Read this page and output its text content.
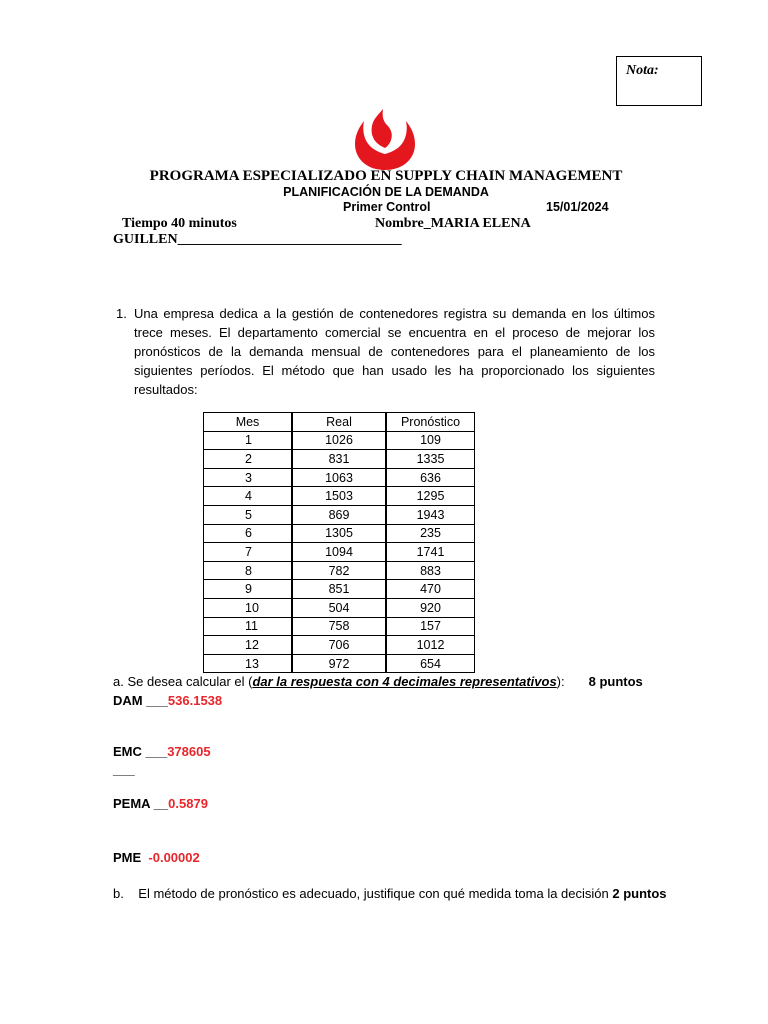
Nota:
PROGRAMA ESPECIALIZADO EN SUPPLY CHAIN MANAGEMENT
PLANIFICACIÓN DE LA DEMANDA
Primer Control	15/01/2024
Tiempo 40 minutos	Nombre_MARIA ELENA
GUILLEN________________________________
1. Una empresa dedica a la gestión de contenedores registra su demanda en los últimos trece meses. El departamento comercial se encuentra en el proceso de mejorar los pronósticos de la demanda mensual de contenedores para el planeamiento de los siguientes períodos. El método que han usado les ha proporcionado los siguientes resultados:
Mes	Real	Pronóstico
1	1026	109
2	831	1335
3	1063	636
4	1503	1295
5	869	1943
6	1305	235
7	1094	1741
8	782	883
9	851	470
10	504	920
11	758	157
12	706	1012
13	972	654
a. Se desea calcular el (dar la respuesta con 4 decimales representativos): 8 puntos
DAM ___536.1538
EMC ___378605
___
PEMA __0.5879
PME  -0.00002
b.    El método de pronóstico es adecuado, justifique con qué medida toma la decisión 2 puntos
